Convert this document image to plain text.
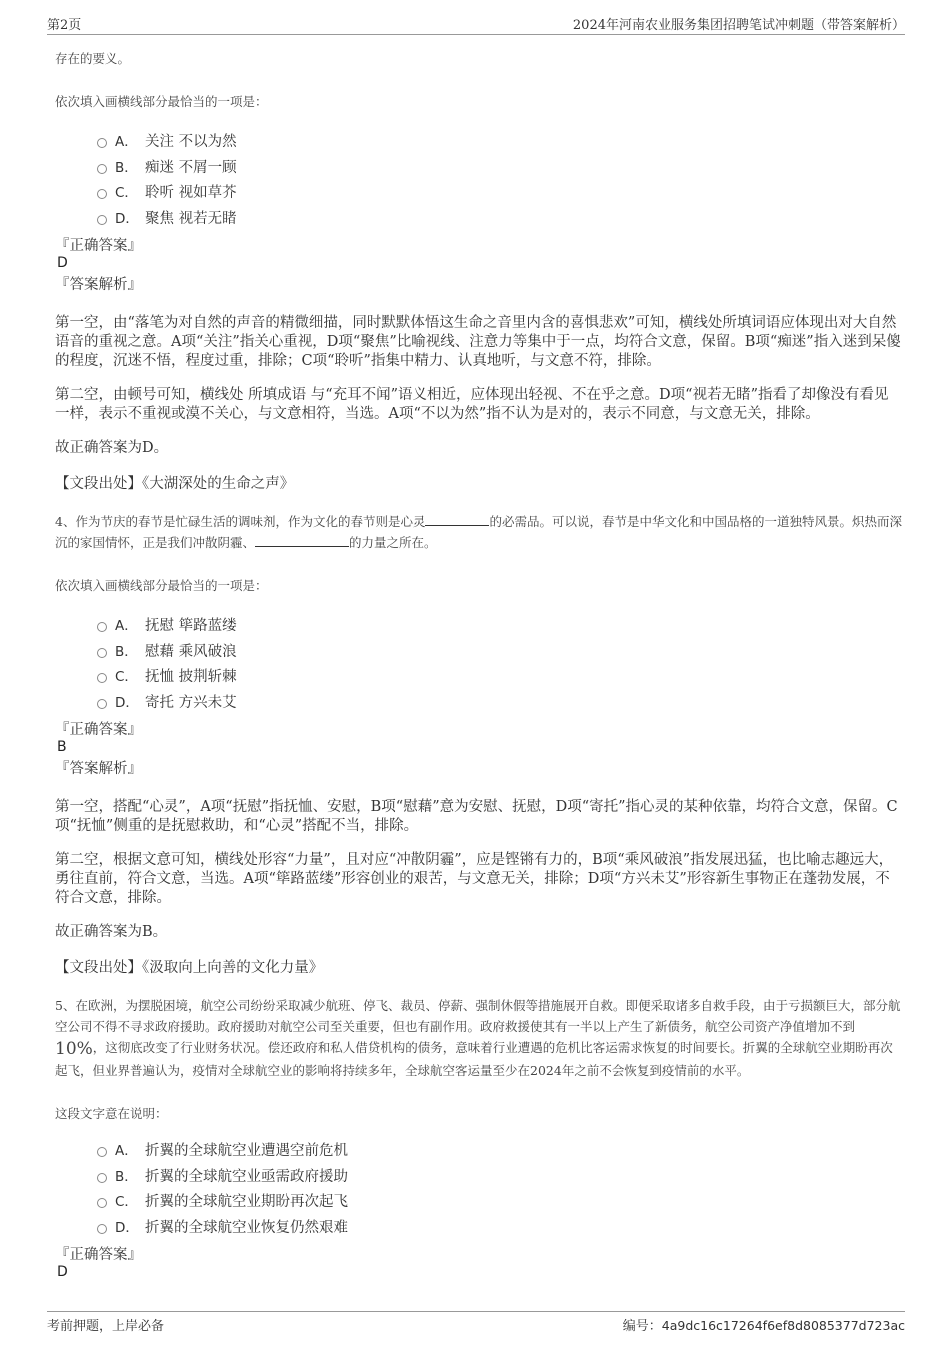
第2页	2024年河南农业服务集团招聘笔试冲刺题（带答案解析）
存在的要义。
依次填入画横线部分最恰当的一项是：
A． 关注 不以为然
B． 痴迷 不屑一顾
C． 聆听 视如草芥
D． 聚焦 视若无睹
『正确答案』
D
『答案解析』
第一空，由“落笔为对自然的声音的精微细描，同时默默体悟这生命之音里内含的喜惧悲欢”可知，横线处所填词语应体现出对大自然语音的重视之意。A项“关注”指关心重视，D项“聚焦”比喻视线、注意力等集中于一点，均符合文意，保留。B项“痴迷”指入迷到呆傻的程度，沉迷不悟，程度过重，排除；C项“聆听”指集中精力、认真地听，与文意不符，排除。
第二空，由顿号可知，横线处 所填成语 与“充耳不闻”语义相近，应体现出轻视、不在乎之意。D项“视若无睹”指看了却像没有看见一样，表示不重视或漠不关心，与文意相符，当选。A项“不以为然”指不认为是对的，表示不同意，与文意无关，排除。
故正确答案为D。
【文段出处】《大湖深处的生命之声》
4、作为节庆的春节是忙碌生活的调味剂，作为文化的春节则是心灵	的必需品。可以说，春节是中华文化和中国品格的一道独特风景。炽热而深沉的家国情怀，正是我们冲散阴霾、	的力量之所在。
依次填入画横线部分最恰当的一项是：
A． 抚慰 筚路蓝缕
B． 慰藉 乘风破浪
C． 抚恤 披荆斩棘
D． 寄托 方兴未艾
『正确答案』
B
『答案解析』
第一空，搭配“心灵”，A项“抚慰”指抚恤、安慰，B项“慰藉”意为安慰、抚慰，D项“寄托”指心灵的某种依靠，均符合文意，保留。C项“抚恤”侧重的是抚慰救助，和“心灵”搭配不当，排除。
第二空，根据文意可知，横线处形容“力量”，且对应“冲散阴霾”，应是铿锵有力的，B项“乘风破浪”指发展迅猛，也比喻志趣远大，勇往直前，符合文意，当选。A项“筚路蓝缕”形容创业的艰苦，与文意无关，排除；D项“方兴未艾”形容新生事物正在蓬勃发展，不符合文意，排除。
故正确答案为B。
【文段出处】《汲取向上向善的文化力量》
5、在欧洲，为摆脱困境，航空公司纷纷采取减少航班、停飞、裁员、停薪、强制休假等措施展开自救。即便采取诸多自救手段，由于亏损额巨大，部分航空公司不得不寻求政府援助。政府援助对航空公司至关重要，但也有副作用。政府救援使其有一半以上产生了新债务，航空公司资产净值增加不到10%，这彻底改变了行业财务状况。偿还政府和私人借贷机构的债务，意味着行业遭遇的危机比客运需求恢复的时间要长。折翼的全球航空业期盼再次起飞，但业界普遍认为，疫情对全球航空业的影响将持续多年，全球航空客运量至少在2024年之前不会恢复到疫情前的水平。
这段文字意在说明：
A． 折翼的全球航空业遭遇空前危机
B． 折翼的全球航空业亟需政府援助
C． 折翼的全球航空业期盼再次起飞
D． 折翼的全球航空业恢复仍然艰难
『正确答案』
D
考前押题，上岸必备	编号：4a9dc16c17264f6ef8d8085377d723ac
